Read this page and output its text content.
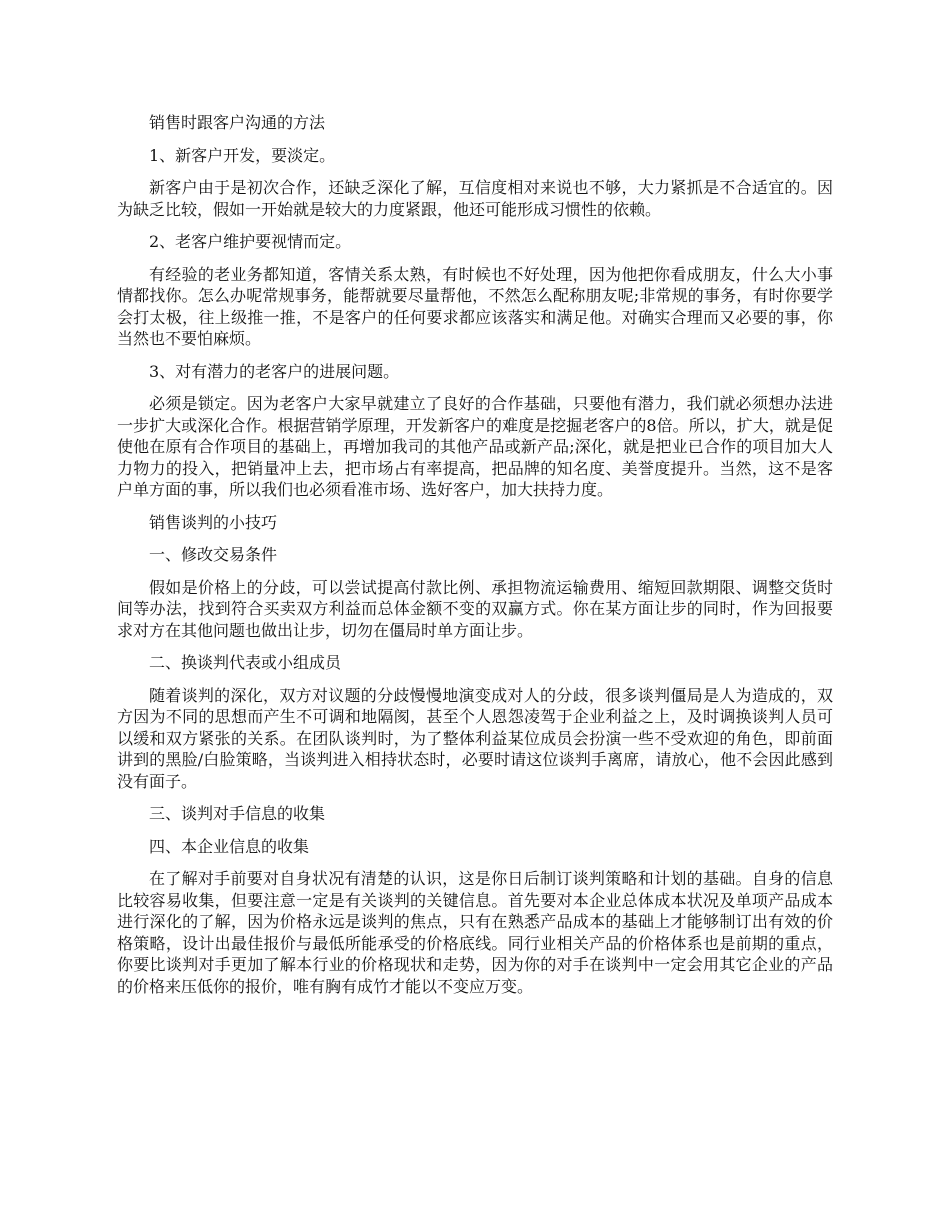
销售时跟客户沟通的方法

1、新客户开发，要淡定。

新客户由于是初次合作，还缺乏深化了解，互信度相对来说也不够，大力紧抓是不合适宜的。因为缺乏比较，假如一开始就是较大的力度紧跟，他还可能形成习惯性的依赖。

2、老客户维护要视情而定。

有经验的老业务都知道，客情关系太熟，有时候也不好处理，因为他把你看成朋友，什么大小事情都找你。怎么办呢常规事务，能帮就要尽量帮他，不然怎么配称朋友呢;非常规的事务，有时你要学会打太极，往上级推一推，不是客户的任何要求都应该落实和满足他。对确实合理而又必要的事，你当然也不要怕麻烦。

3、对有潜力的老客户的进展问题。

必须是锁定。因为老客户大家早就建立了良好的合作基础，只要他有潜力，我们就必须想办法进一步扩大或深化合作。根据营销学原理，开发新客户的难度是挖掘老客户的8倍。所以，扩大，就是促使他在原有合作项目的基础上，再增加我司的其他产品或新产品;深化，就是把业已合作的项目加大人力物力的投入，把销量冲上去，把市场占有率提高，把品牌的知名度、美誉度提升。当然，这不是客户单方面的事，所以我们也必须看准市场、选好客户，加大扶持力度。

销售谈判的小技巧

一、修改交易条件

假如是价格上的分歧，可以尝试提高付款比例、承担物流运输费用、缩短回款期限、调整交货时间等办法，找到符合买卖双方利益而总体金额不变的双赢方式。你在某方面让步的同时，作为回报要求对方在其他问题也做出让步，切勿在僵局时单方面让步。

二、换谈判代表或小组成员

随着谈判的深化，双方对议题的分歧慢慢地演变成对人的分歧，很多谈判僵局是人为造成的，双方因为不同的思想而产生不可调和地隔阂，甚至个人恩怨凌驾于企业利益之上，及时调换谈判人员可以缓和双方紧张的关系。在团队谈判时，为了整体利益某位成员会扮演一些不受欢迎的角色，即前面讲到的黑脸/白脸策略，当谈判进入相持状态时，必要时请这位谈判手离席，请放心，他不会因此感到没有面子。

三、谈判对手信息的收集

四、本企业信息的收集

在了解对手前要对自身状况有清楚的认识，这是你日后制订谈判策略和计划的基础。自身的信息比较容易收集，但要注意一定是有关谈判的关键信息。首先要对本企业总体成本状况及单项产品成本进行深化的了解，因为价格永远是谈判的焦点，只有在熟悉产品成本的基础上才能够制订出有效的价格策略，设计出最佳报价与最低所能承受的价格底线。同行业相关产品的价格体系也是前期的重点，你要比谈判对手更加了解本行业的价格现状和走势，因为你的对手在谈判中一定会用其它企业的产品的价格来压低你的报价，唯有胸有成竹才能以不变应万变。
